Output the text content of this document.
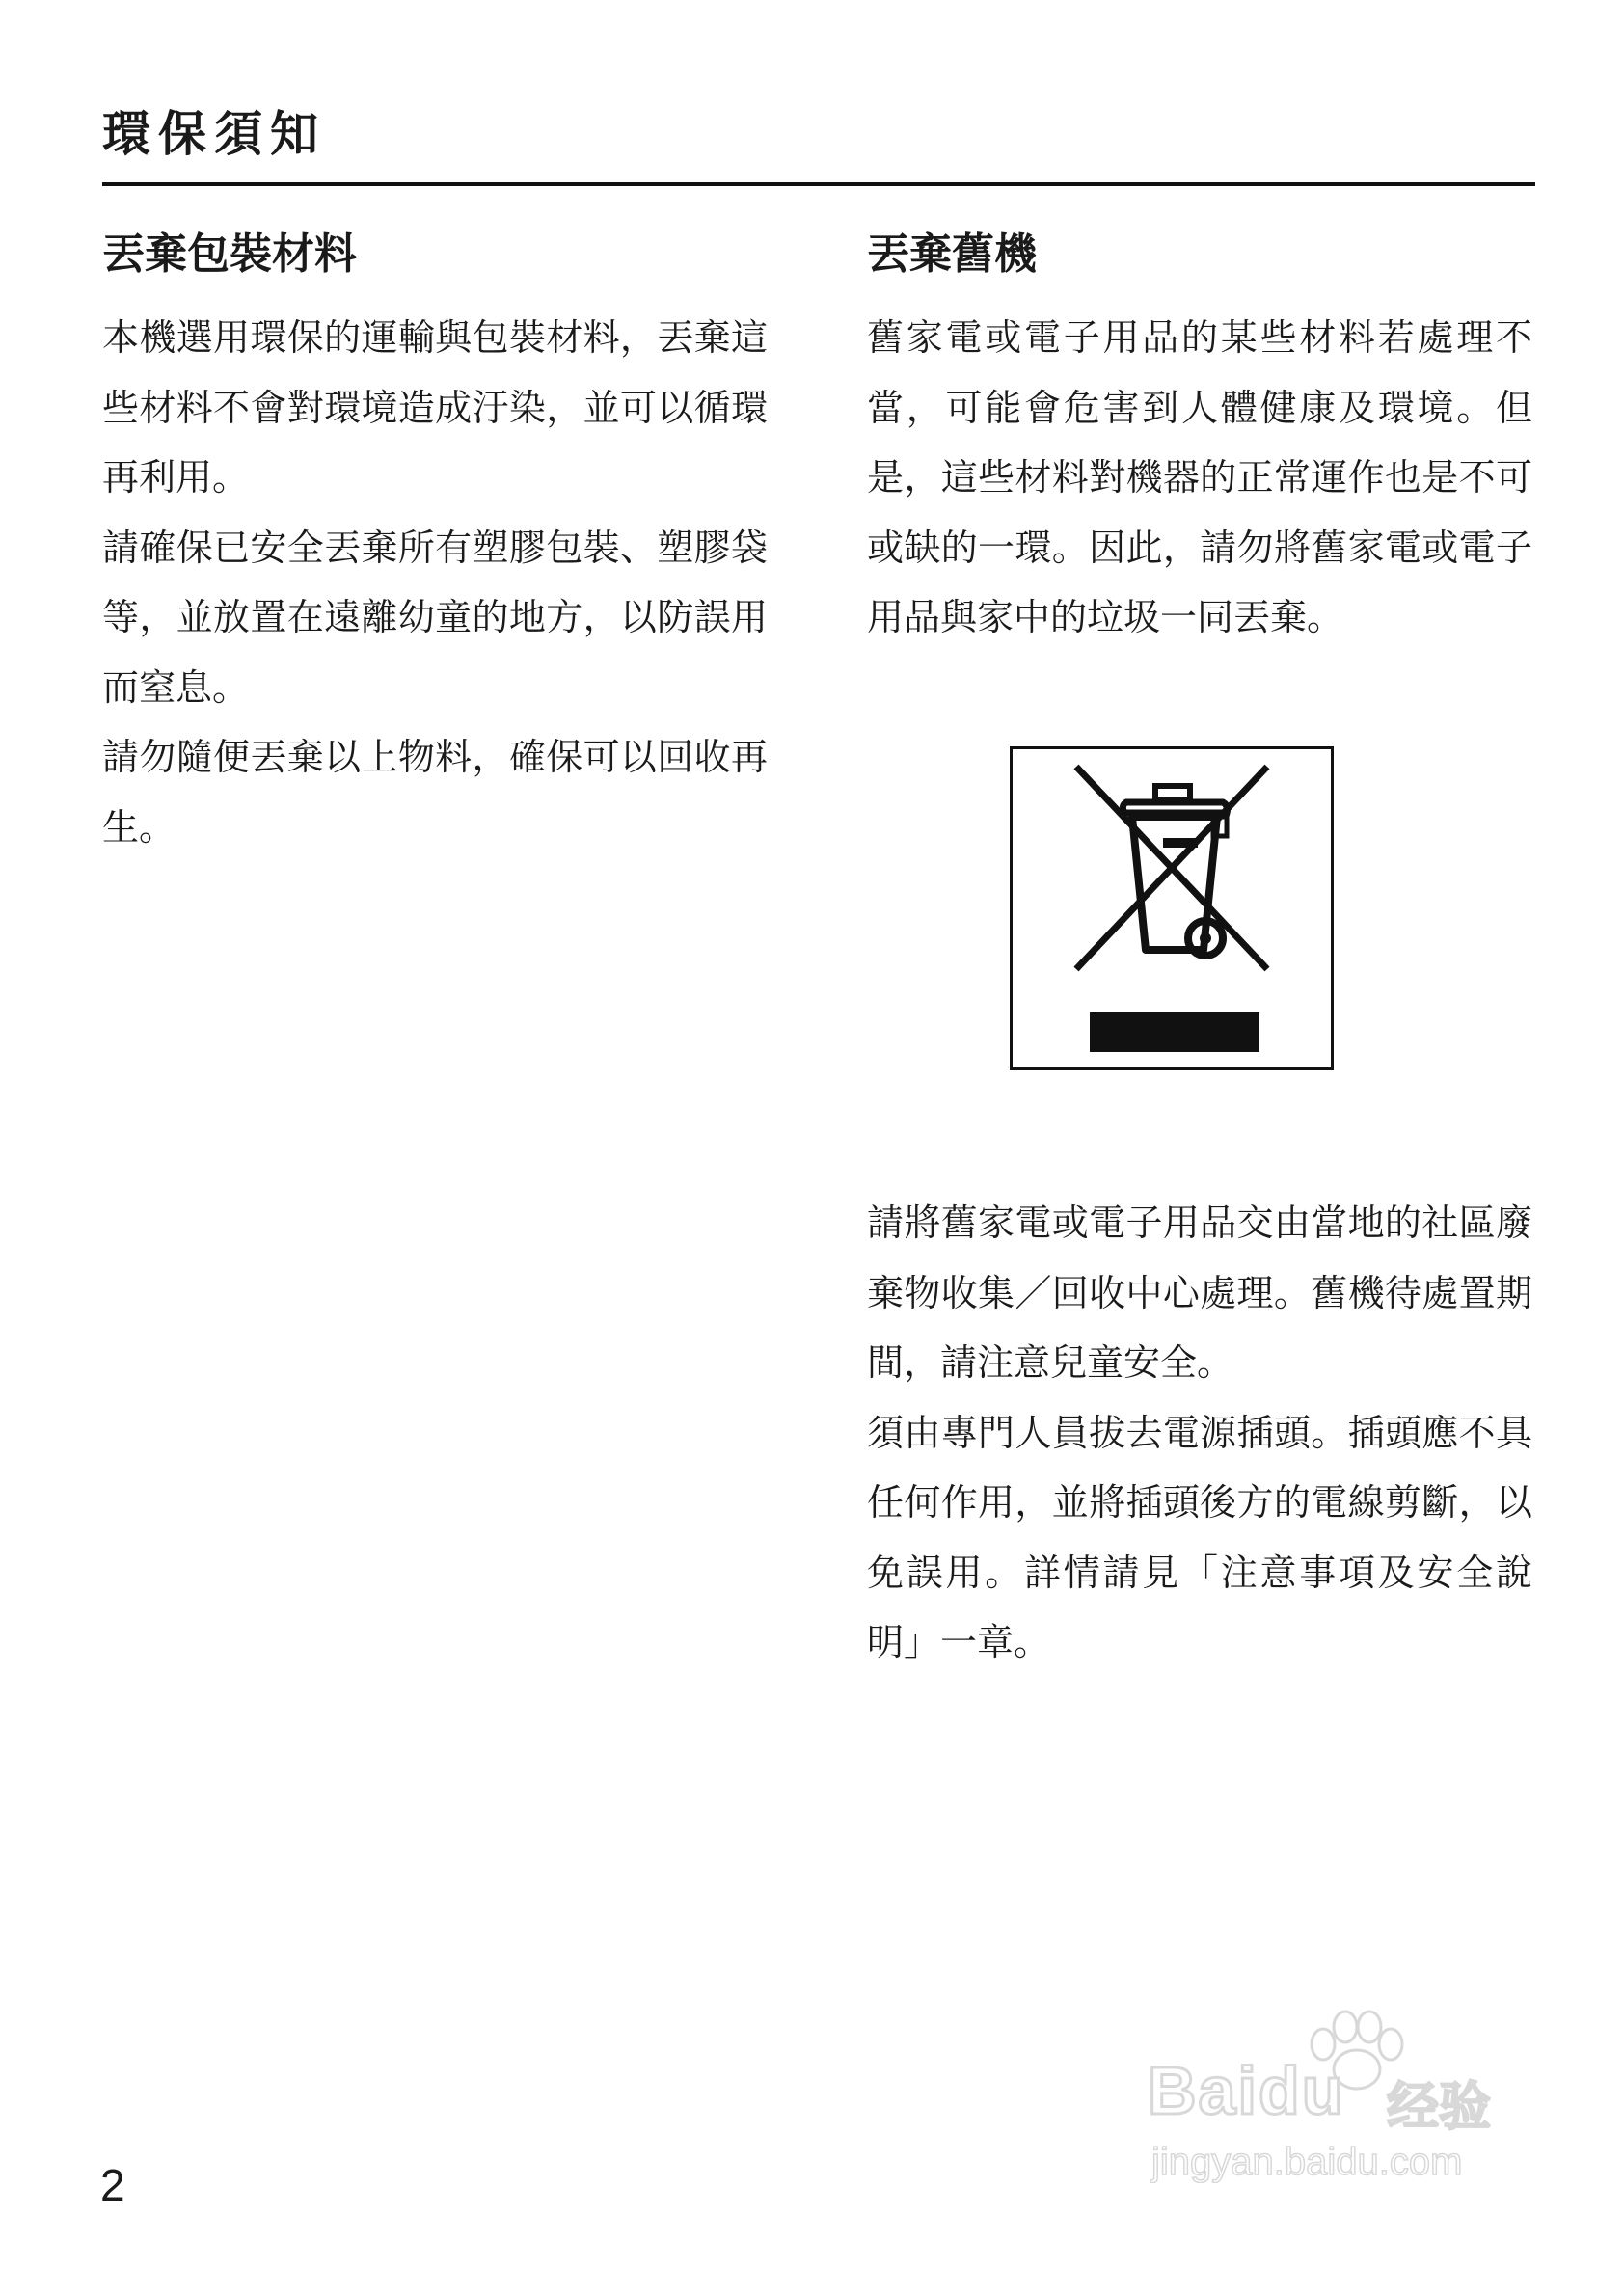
環保須知
丟棄包裝材料

本機選用環保的運輸與包裝材料，丟棄這些材料不會對環境造成汙染，並可以循環再利用。

請確保已安全丟棄所有塑膠包裝、塑膠袋等，並放置在遠離幼童的地方，以防誤用而窒息。

請勿隨便丟棄以上物料，確保可以回收再生。

丟棄舊機

舊家電或電子用品的某些材料若處理不當，可能會危害到人體健康及環境。但是，這些材料對機器的正常運作也是不可或缺的一環。因此，請勿將舊家電或電子用品與家中的垃圾一同丟棄。

請將舊家電或電子用品交由當地的社區廢棄物收集／回收中心處理。舊機待處置期間，請注意兒童安全。

須由專門人員拔去電源插頭。插頭應不具任何作用，並將插頭後方的電線剪斷，以免誤用。詳情請見「注意事項及安全說明」一章。

2
Baidu 经验
jingyan.baidu.com
